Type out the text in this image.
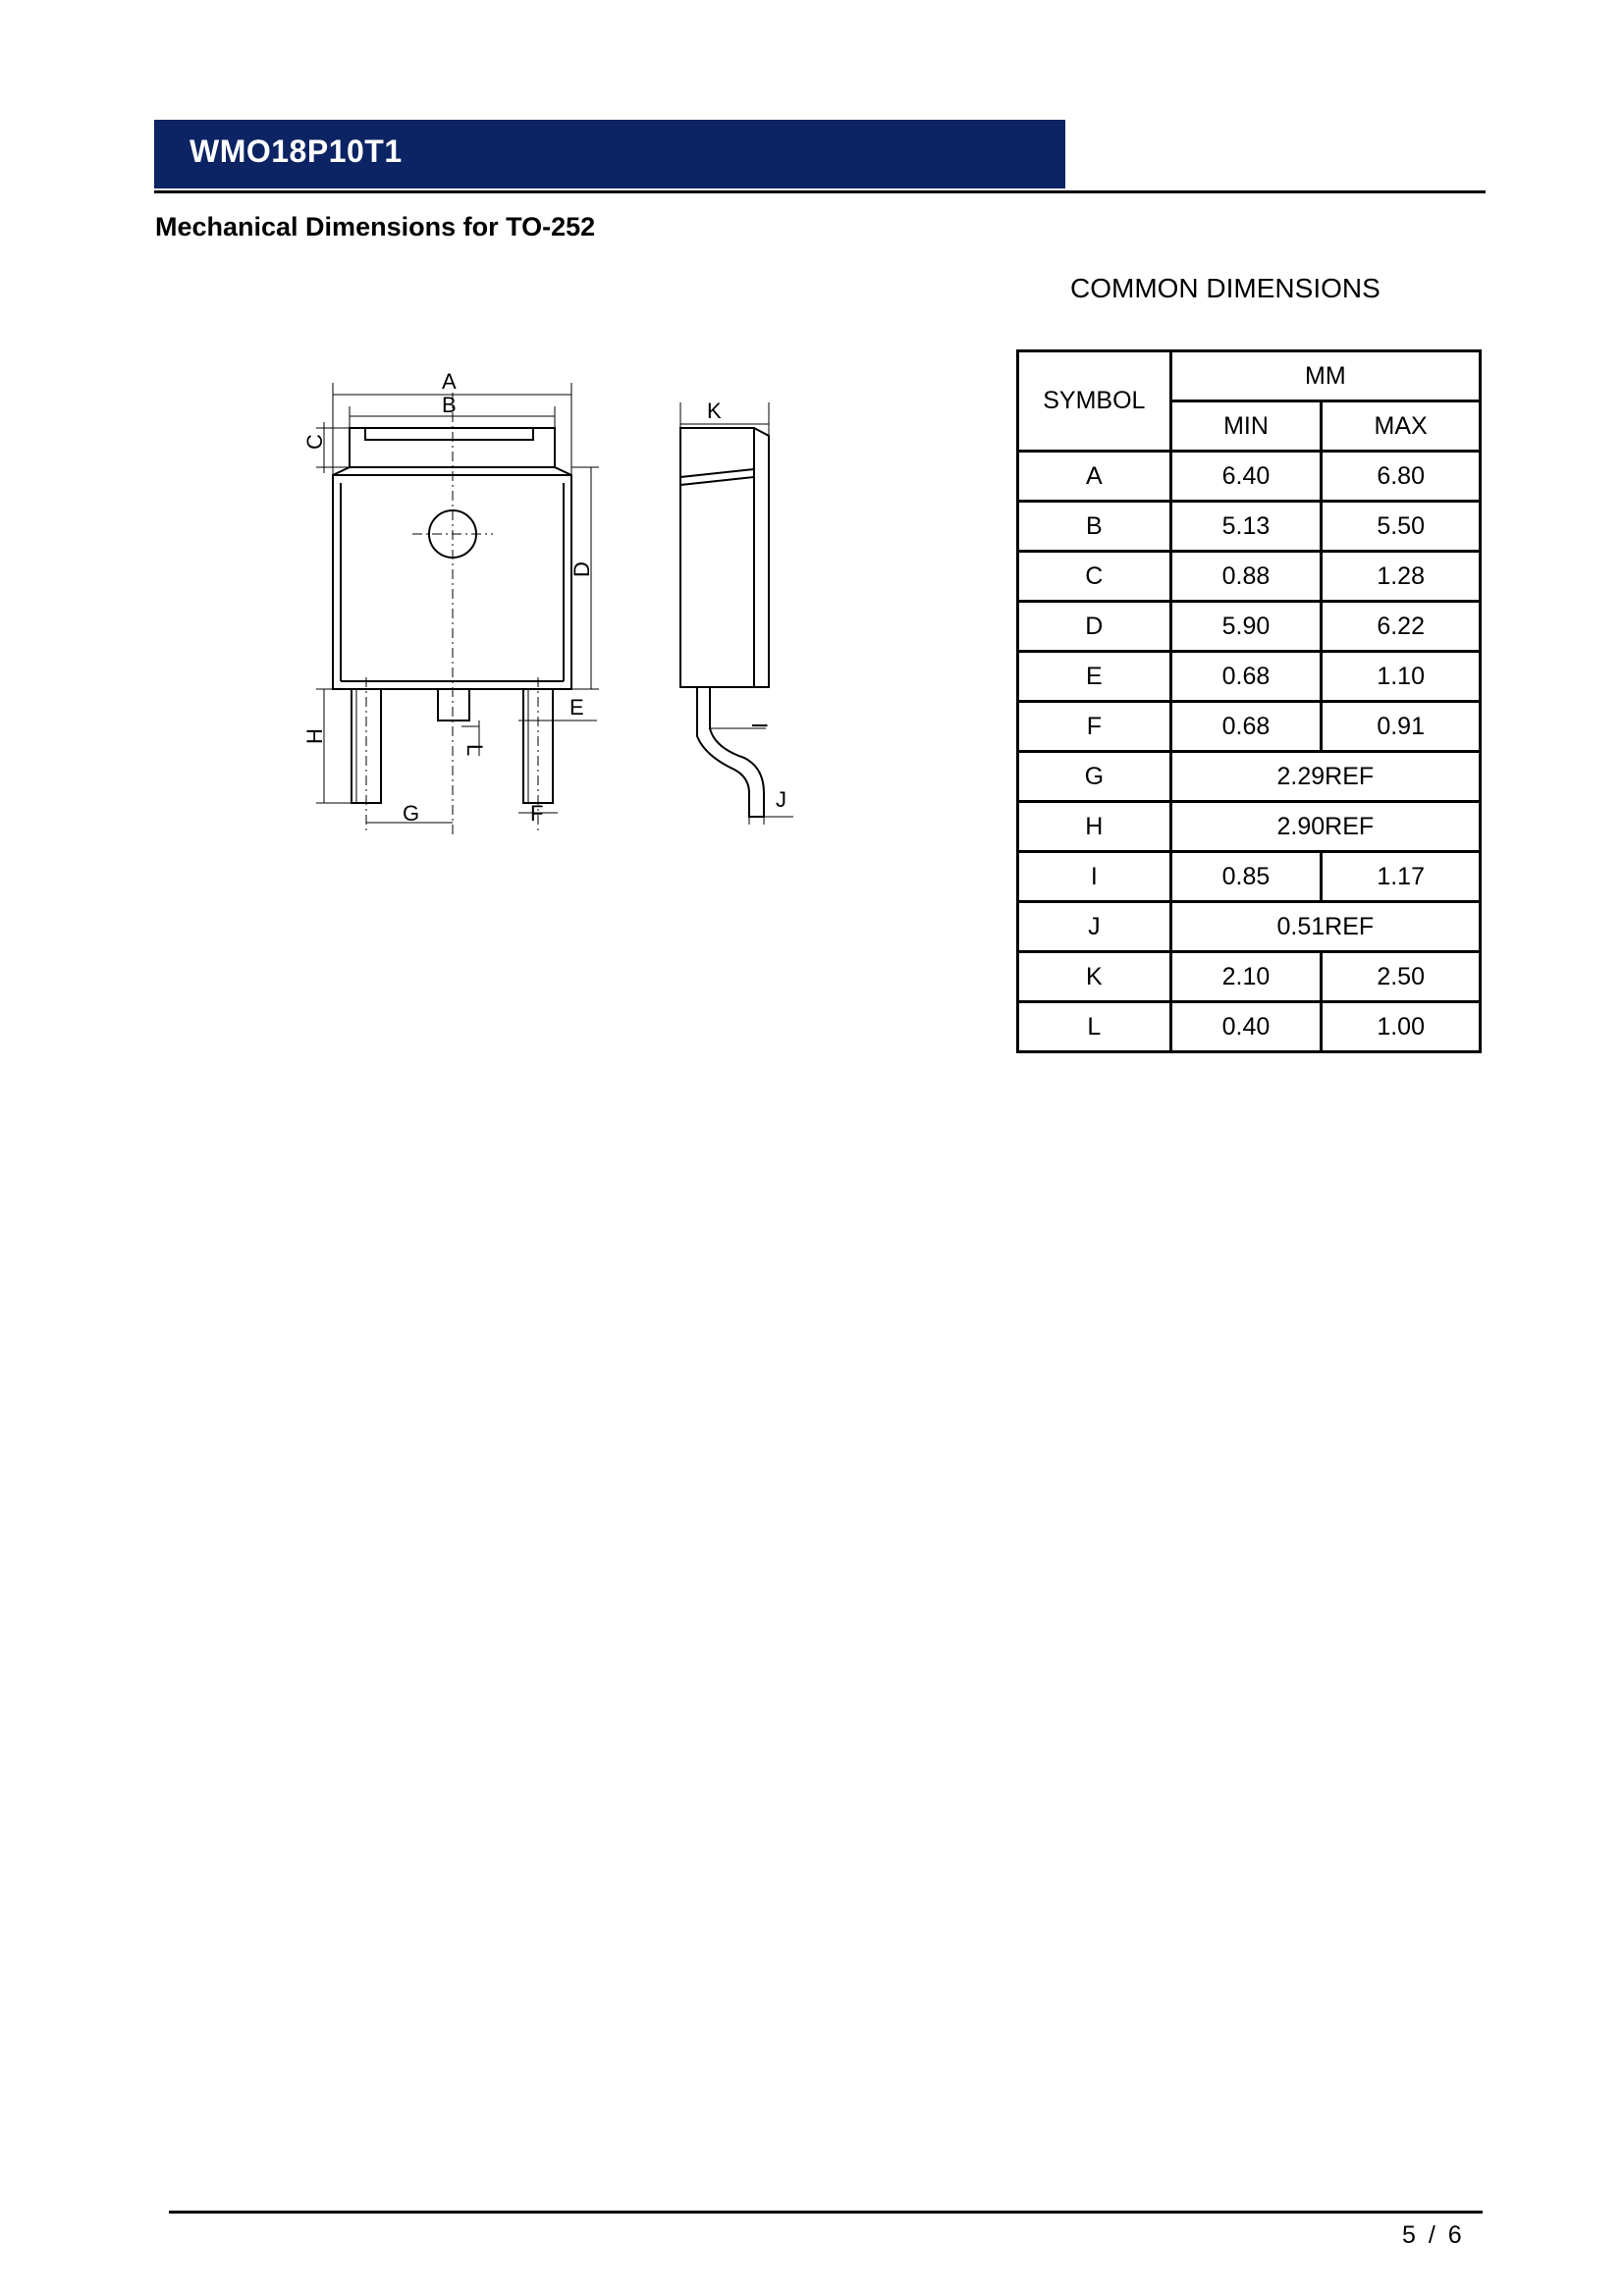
WMO18P10T1
Mechanical Dimensions for TO-252
A
B
C
D
E
F
G
H
L
K
I
J
COMMON DIMENSIONS
SYMBOL	MM	
	MIN	MAX
A	6.40	6.80
B	5.13	5.50
C	0.88	1.28
D	5.90	6.22
E	0.68	1.10
F	0.68	0.91
G	2.29REF	
H	2.90REF	
I	0.85	1.17
J	0.51REF	
K	2.10	2.50
L	0.40	1.00
5 / 6
